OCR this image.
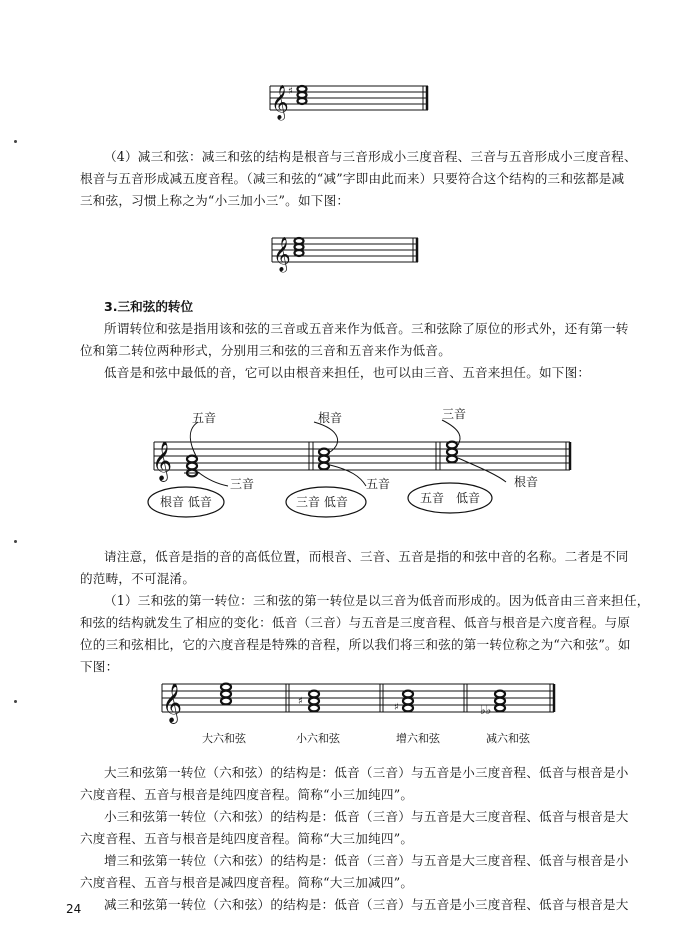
𝄞 ♯
（4）减三和弦：减三和弦的结构是根音与三音形成小三度音程、三音与五音形成小三度音程、
根音与五音形成减五度音程。（减三和弦的“减”字即由此而来）只要符合这个结构的三和弦都是减
三和弦，习惯上称之为“小三加小三”。如下图：
𝄞
3.三和弦的转位
所谓转位和弦是指用该和弦的三音或五音来作为低音。三和弦除了原位的形式外，还有第一转
位和第二转位两种形式，分别用三和弦的三音和五音来作为低音。
低音是和弦中最低的音，它可以由根音来担任，也可以由三音、五音来担任。如下图：
𝄞
五音
三音
根音
五音
三音
根音
根音 低音	三音 低音	五音　低音
请注意，低音是指的音的高低位置，而根音、三音、五音是指的和弦中音的名称。二者是不同
的范畴，不可混淆。
（1）三和弦的第一转位：三和弦的第一转位是以三音为低音而形成的。因为低音由三音来担任，
和弦的结构就发生了相应的变化：低音（三音）与五音是三度音程、低音与根音是六度音程。与原
位的三和弦相比，它的六度音程是特殊的音程，所以我们将三和弦的第一转位称之为“六和弦”。如
下图：
𝄞	♯
♯	♭♭
大六和弦	小六和弦	增六和弦	减六和弦
大三和弦第一转位（六和弦）的结构是：低音（三音）与五音是小三度音程、低音与根音是小
六度音程、五音与根音是纯四度音程。简称“小三加纯四”。
小三和弦第一转位（六和弦）的结构是：低音（三音）与五音是大三度音程、低音与根音是大
六度音程、五音与根音是纯四度音程。简称“大三加纯四”。
增三和弦第一转位（六和弦）的结构是：低音（三音）与五音是大三度音程、低音与根音是小
六度音程、五音与根音是减四度音程。简称“大三加减四”。
减三和弦第一转位（六和弦）的结构是：低音（三音）与五音是小三度音程、低音与根音是大
24
